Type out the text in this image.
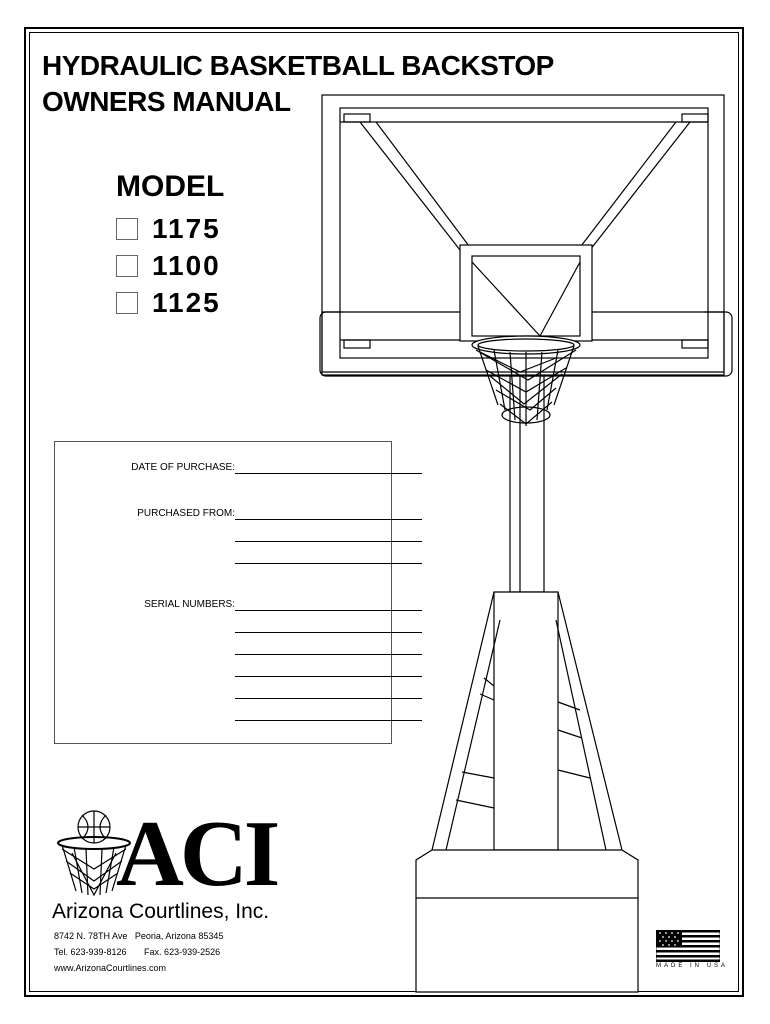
HYDRAULIC BASKETBALL BACKSTOP
OWNERS MANUAL
MODEL
1175
1100
1125
DATE OF PURCHASE:
PURCHASED FROM:
SERIAL NUMBERS:
ACI
Arizona Courtlines, Inc.
8742 N. 78TH Ave   Peoria, Arizona 85345
Tel. 623-939-8126       Fax. 623-939-2526
www.ArizonaCourtlines.com	MADE IN USA
